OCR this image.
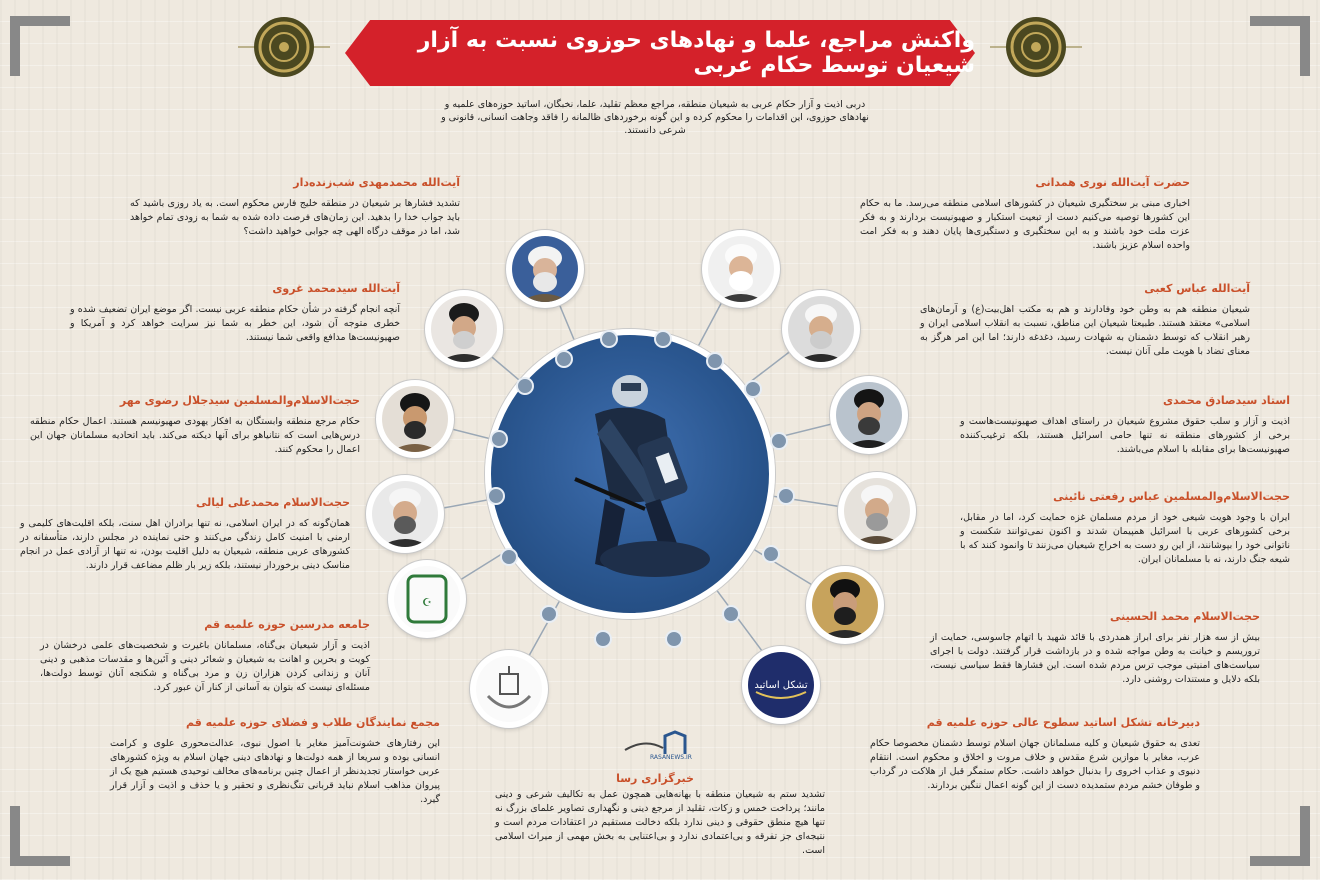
واکنش مراجع، علما و نهادهای حوزوی نسبت به آزار شیعیان توسط حکام عربی
دربی اذیت و آزار حکام عربی به شیعیان منطقه، مراجع معظم تقلید، علما، نخبگان، اساتید حوزه‌های علمیه و نهادهای حوزوی، این اقدامات را محکوم کرده و این گونه برخوردهای ظالمانه را فاقد وجاهت انسانی، قانونی و شرعی دانستند.
☪
تشکل اساتید
آیت‌الله محمدمهدی شب‌زنده‌دار
تشدید فشارها بر شیعیان در منطقه خلیج فارس محکوم است. به یاد روزی باشید که باید جواب خدا را بدهید. این زمان‌های فرصت داده شده به شما به زودی تمام خواهد شد، اما در موقف درگاه الهی چه جوابی خواهید داشت؟
آیت‌الله سیدمحمد غروی
آنچه انجام گرفته در شأن حکام منطقه عربی نیست. اگر موضع ایران تضعیف شده و خطری متوجه آن شود، این خطر به شما نیز سرایت خواهد کرد و آمریکا و صهیونیست‌ها مدافع واقعی شما نیستند.
حجت‌الاسلام‌والمسلمین سیدجلال رضوی مهر
حکام مرجع منطقه وابستگان به افکار یهودی صهیونیسم هستند. اعمال حکام منطقه درس‌هایی است که نتانیاهو برای آنها دیکته می‌کند. باید اتحادیه مسلمانان جهان این اعمال را محکوم کنند.
حجت‌الاسلام محمدعلی لیالی
همان‌گونه که در ایران اسلامی، نه تنها برادران اهل سنت، بلکه اقلیت‌های کلیمی و ارمنی با امنیت کامل زندگی می‌کنند و حتی نماینده در مجلس دارند، متأسفانه در کشورهای عربی منطقه، شیعیان به دلیل اقلیت بودن، نه تنها از آزادی عمل در انجام مناسک دینی برخوردار نیستند، بلکه زیر بار ظلم مضاعف قرار دارند.
جامعه مدرسین حوزه علمیه قم
اذیت و آزار شیعیان بی‌گناه، مسلمانان باغیرت و شخصیت‌های علمی درخشان در کویت و بحرین و اهانت به شیعیان و شعائر دینی و آئین‌ها و مقدسات مذهبی و دینی آنان و زندانی کردن هزاران زن و مرد بی‌گناه و شکنجه آنان توسط دولت‌ها، مسئله‌ای نیست که بتوان به آسانی از کنار آن عبور کرد.
مجمع نمایندگان طلاب و فضلای حوزه علمیه قم
این رفتارهای خشونت‌آمیز مغایر با اصول نبوی، عدالت‌محوری علوی و کرامت انسانی بوده و سریعا از همه دولت‌ها و نهادهای دینی جهان اسلام به ویژه کشورهای عربی خواستار تجدیدنظر از اعمال چنین برنامه‌های مخالف توحیدی هستیم هیچ یک از پیروان مذاهب اسلام نباید قربانی تنگ‌نظری و تحقیر و یا حذف و اذیت و آزار قرار گیرد.
حضرت آیت‌الله نوری همدانی
اخباری مبنی بر سختگیری شیعیان در کشورهای اسلامی منطقه می‌رسد. ما به حکام این کشورها توصیه می‌کنیم دست از تبعیت استکبار و صهیونیست بردارند و به فکر عزت ملت خود باشند و به این سختگیری و دستگیری‌ها پایان دهند و به فکر امت واحده اسلام عزیز باشند.
آیت‌الله عباس کعبی
شیعیان منطقه هم به وطن خود وفادارند و هم به مکتب اهل‌بیت(ع) و آرمان‌های اسلامی» معتقد هستند. طبیعتا شیعیان این مناطق، نسبت به انقلاب اسلامی ایران و رهبر انقلاب که توسط دشمنان به شهادت رسید، دغدغه دارند؛ اما این امر هرگز به معنای تضاد با هویت ملی آنان نیست.
استاد سیدصادق محمدی
اذیت و آزار و سلب حقوق مشروع شیعیان در راستای اهداف صهیونیست‌هاست و برخی از کشورهای منطقه نه تنها حامی اسرائیل هستند، بلکه ترغیب‌کننده صهیونیست‌ها برای مقابله با اسلام می‌باشند.
حجت‌الاسلام‌والمسلمین عباس رفعتی نائینی
ایران با وجود هویت شیعی خود از مردم مسلمان غزه حمایت کرد، اما در مقابل، برخی کشورهای عربی با اسرائیل همپیمان شدند و اکنون نمی‌توانند شکست و ناتوانی خود را بپوشانند، از این رو دست به اخراج شیعیان می‌زنند تا وانمود کنند که با شیعه جنگ دارند، نه با مسلمانان ایران.
حجت‌الاسلام محمد الحسینی
بیش از سه هزار نفر برای ابراز همدردی با قائد شهید با اتهام جاسوسی، حمایت از تروریسم و خیانت به وطن مواجه شده و در بازداشت قرار گرفتند. دولت با اجرای سیاست‌های امنیتی موجب ترس مردم شده است. این فشارها فقط سیاسی نیست، بلکه دلایل و مستندات روشنی دارد.
دبیرخانه تشکل اساتید سطوح عالی حوزه علمیه قم
تعدی به حقوق شیعیان و کلیه مسلمانان جهان اسلام توسط دشمنان مخصوصا حکام عرب، مغایر با موازین شرع مقدس و خلاف مروت و اخلاق و محکوم است. انتقام دنیوی و عذاب اخروی را بدنبال خواهد داشت. حکام ستمگر قبل از هلاکت در گرداب و طوفان خشم مردم ستمدیده دست از این گونه اعمال ننگین بردارند.
RASANEWS.IR
خبرگزاری رسا
تشدید ستم به شیعیان منطقه با بهانه‌هایی همچون عمل به تکالیف شرعی و دینی مانند؛ پرداخت خمس و زکات، تقلید از مرجع دینی و نگهداری تصاویر علمای بزرگ نه تنها هیچ منطق حقوقی و دینی ندارد بلکه دخالت مستقیم در اعتقادات مردم است و نتیجه‌ای جز تفرقه و بی‌اعتمادی ندارد و بی‌اعتنایی به بخش مهمی از میراث اسلامی است.
